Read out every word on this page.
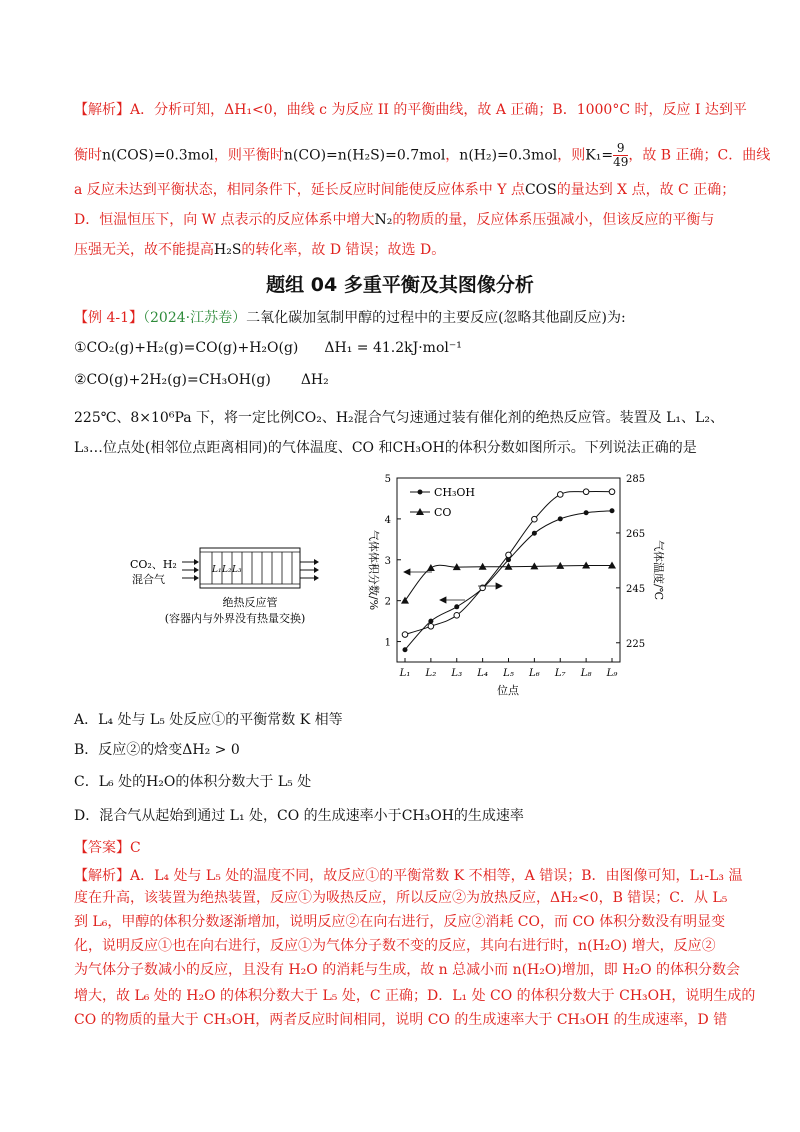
【解析】A．分析可知，ΔH₁<0，曲线 c 为反应 II 的平衡曲线，故 A 正确；B．1000°C 时，反应 I 达到平
衡时n(COS)=0.3mol，则平衡时n(CO)=n(H₂S)=0.7mol，n(H₂)=0.3mol，则$K_1= \frac{9}{49}$ ，故 B 正确；C．曲线
a 反应未达到平衡状态，相同条件下，延长反应时间能使反应体系中 Y 点COS的量达到 X 点，故 C 正确；
D．恒温恒压下，向 W 点表示的反应体系中增大N₂的物质的量，反应体系压强减小，但该反应的平衡与
压强无关，故不能提高H₂S的转化率，故 D 错误；故选 D。
题组 04 多重平衡及其图像分析
【例 4-1】（2024·江苏卷）二氧化碳加氢制甲醇的过程中的主要反应(忽略其他副反应)为:
①CO₂(g)+H₂(g)=CO(g)+H₂O(g) ΔH₁ = 41.2kJ·mol⁻¹
②CO(g)+2H₂(g)=CH₃OH(g) ΔH₂
225℃、8×10⁶Pa 下，将一定比例CO₂、H₂混合气匀速通过装有催化剂的绝热反应管。装置及 L₁、L₂、
L₃…位点处(相邻位点距离相同)的气体温度、CO 和CH₃OH的体积分数如图所示。下列说法正确的是
CO₂、H₂
混合气
L₁ L₂ L₃
绝热反应管
(容器内与外界没有热量交换)
气体体积分数/%	气体温度/℃
位点
L₁ L₂ L₃ L₄ L₅ L₆ L₇ L₈ L₉
1
2
3
4
5
225
245
265
285
CH₃OH
CO
A．L₄ 处与 L₅ 处反应①的平衡常数 K 相等
B．反应②的焓变ΔH₂ > 0
C．L₆ 处的H₂O的体积分数大于 L₅ 处
D．混合气从起始到通过 L₁ 处，CO 的生成速率小于CH₃OH的生成速率
【答案】C
【解析】A．L₄ 处与 L₅ 处的温度不同，故反应①的平衡常数 K 不相等，A 错误；B．由图像可知，L₁-L₃ 温
度在升高，该装置为绝热装置，反应①为吸热反应，所以反应②为放热反应，ΔH₂<0，B 错误；C．从 L₅
到 L₆，甲醇的体积分数逐渐增加，说明反应②在向右进行，反应②消耗 CO，而 CO 体积分数没有明显变
化，说明反应①也在向右进行，反应①为气体分子数不变的反应，其向右进行时，n(H₂O) 增大，反应②
为气体分子数减小的反应，且没有 H₂O 的消耗与生成，故 n 总减小而 n(H₂O)增加，即 H₂O 的体积分数会
增大，故 L₆ 处的 H₂O 的体积分数大于 L₅ 处，C 正确；D．L₁ 处 CO 的体积分数大于 CH₃OH，说明生成的
CO 的物质的量大于 CH₃OH，两者反应时间相同，说明 CO 的生成速率大于 CH₃OH 的生成速率，D 错
